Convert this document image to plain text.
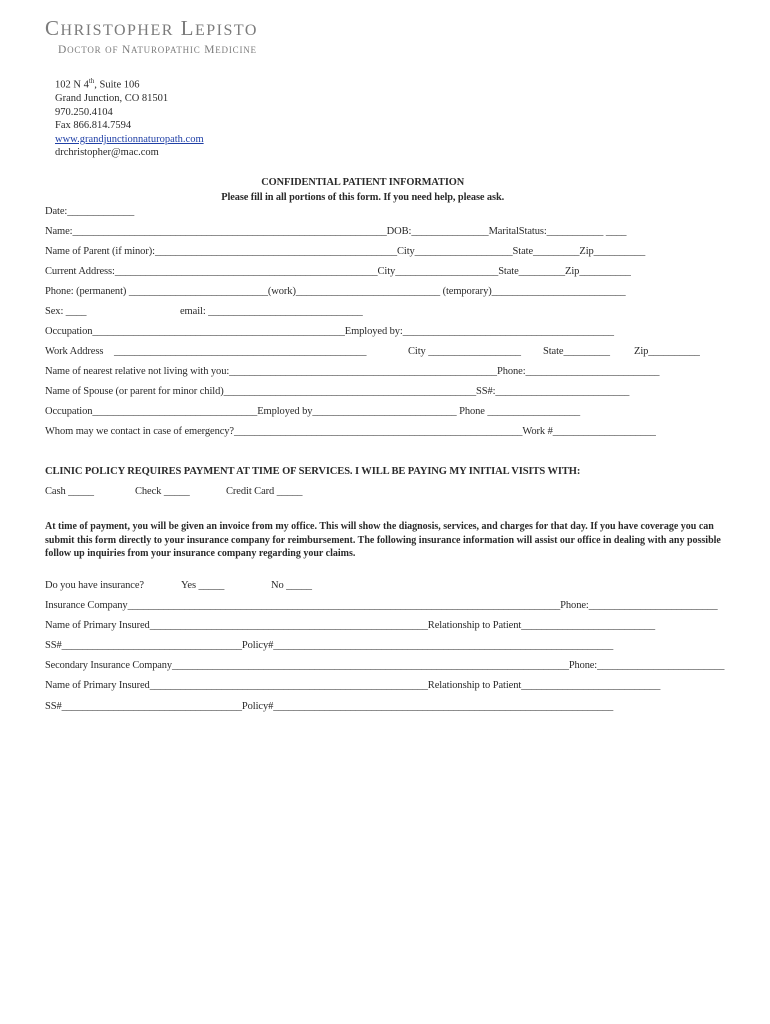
CHRISTOPHER LEPISTO
DOCTOR OF NATUROPATHIC MEDICINE
102 N 4th, Suite 106
Grand Junction, CO 81501
970.250.4104
Fax 866.814.7594
www.grandjunctionnaturopath.com
drchristopher@mac.com
CONFIDENTIAL PATIENT INFORMATION
Please fill in all portions of this form. If you need help, please ask.
Date:_____________
Name:_____________________________________________________________DOB:_______________MaritalStatus:___________ ____
Name of Parent (if minor):_______________________________________________City___________________State_________Zip__________
Current Address:___________________________________________________City____________________State_________Zip__________
Phone: (permanent) ___________________________(work)____________________________ (temporary)__________________________
Sex: ____	email: ______________________________
Occupation_________________________________________________Employed by:_________________________________________
Work Address _________________________________________________	City __________________ State_________ Zip__________
Name of nearest relative not living with you:____________________________________________________Phone:__________________________
Name of Spouse (or parent for minor child)_________________________________________________SS#:__________________________
Occupation________________________________Employed by____________________________ Phone __________________
Whom may we contact in case of emergency?________________________________________________________Work #____________________
CLINIC POLICY REQUIRES PAYMENT AT TIME OF SERVICES. I WILL BE PAYING MY INITIAL VISITS WITH:
Cash _____	Check _____	Credit Card _____
At time of payment, you will be given an invoice from my office. This will show the diagnosis, services, and charges for that day. If you have coverage you can submit this form directly to your insurance company for reimbursement. The following insurance information will assist our office in dealing with any possible follow up inquiries from your insurance company regarding your claims.
Do you have insurance?	Yes _____	No _____
Insurance Company____________________________________________________________________________________Phone:_________________________
Name of Primary Insured______________________________________________________Relationship to Patient__________________________
SS#___________________________________Policy#__________________________________________________________________
Secondary Insurance Company______________________________________________________________________________Phone:_________________________
Name of Primary Insured______________________________________________________Relationship to Patient___________________________
SS#___________________________________Policy#__________________________________________________________________
